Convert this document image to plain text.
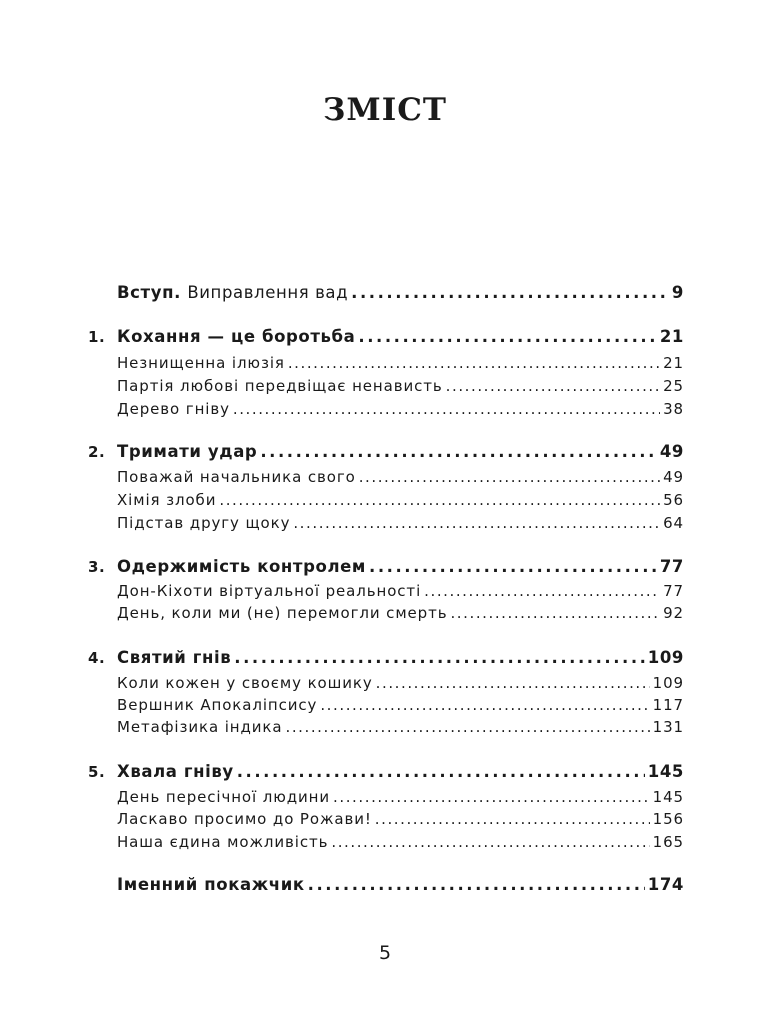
ЗМІСТ
Вступ. Виправлення вад . . .	9
1. Кохання — це боротьба . . .	21
Незнищенна ілюзія . . .	21
Партія любові передвіщає ненависть . . .	25
Дерево гніву . . .	38
2. Тримати удар . . .	49
Поважай начальника свого . . .	49
Хімія злоби . . .	56
Підстав другу щоку . . .	64
3. Одержимість контролем . . .	77
Дон-Кіхоти віртуальної реальності . . .	77
День, коли ми (не) перемогли смерть . . .	92
4. Святий гнів . . .	109
Коли кожен у своєму кошику . . .	109
Вершник Апокаліпсису . . .	117
Метафізика індика . . .	131
5. Хвала гніву . . .	145
День пересічної людини . . .	145
Ласкаво просимо до Рожави! . . .	156
Наша єдина можливість . . .	165
Іменний покажчик . . .	174
5
